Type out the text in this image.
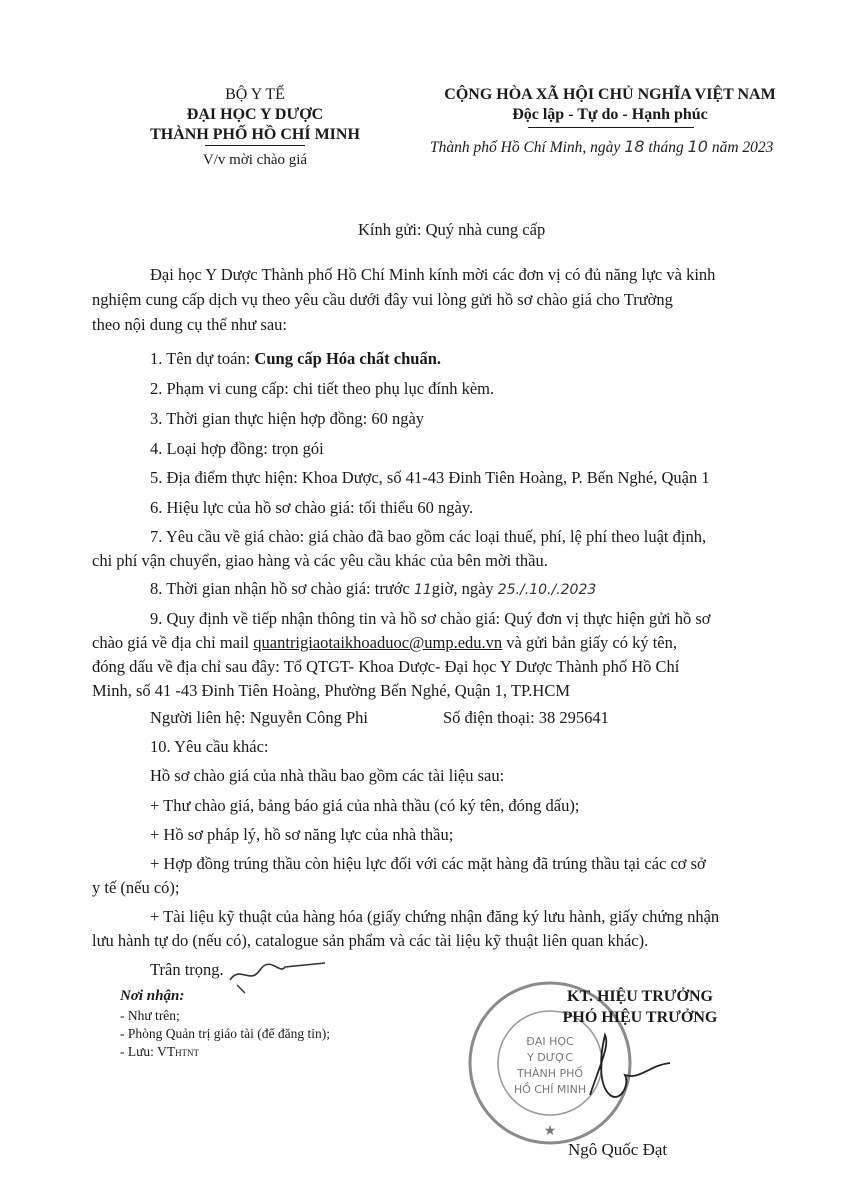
BỘ Y TẾ
ĐẠI HỌC Y DƯỢC
THÀNH PHỐ HỒ CHÍ MINH
V/v mời chào giá
CỘNG HÒA XÃ HỘI CHỦ NGHĨA VIỆT NAM
Độc lập - Tự do - Hạnh phúc
Thành phố Hồ Chí Minh, ngày 18 tháng 10 năm 2023
Kính gửi: Quý nhà cung cấp
Đại học Y Dược Thành phố Hồ Chí Minh kính mời các đơn vị có đủ năng lực và kinh
nghiệm cung cấp dịch vụ theo yêu cầu dưới đây vui lòng gửi hồ sơ chào giá cho Trường
theo nội dung cụ thể như sau:
1. Tên dự toán: Cung cấp Hóa chất chuẩn.
2. Phạm vi cung cấp: chi tiết theo phụ lục đính kèm.
3. Thời gian thực hiện hợp đồng: 60 ngày
4. Loại hợp đồng: trọn gói
5. Địa điểm thực hiện: Khoa Dược, số 41-43 Đinh Tiên Hoàng, P. Bến Nghé, Quận 1
6. Hiệu lực của hồ sơ chào giá: tối thiểu 60 ngày.
7. Yêu cầu về giá chào: giá chào đã bao gồm các loại thuế, phí, lệ phí theo luật định,
chi phí vận chuyển, giao hàng và các yêu cầu khác của bên mời thầu.
8. Thời gian nhận hồ sơ chào giá: trước 11giờ, ngày 25./.10./.2023
9. Quy định về tiếp nhận thông tin và hồ sơ chào giá: Quý đơn vị thực hiện gửi hồ sơ
chào giá về địa chỉ mail quantrigiaotaikhoaduoc@ump.edu.vn và gửi bản giấy có ký tên,
đóng dấu về địa chỉ sau đây: Tổ QTGT- Khoa Dược- Đại học Y Dược Thành phố Hồ Chí
Minh, số 41 -43 Đinh Tiên Hoàng, Phường Bến Nghé, Quận 1, TP.HCM
Người liên hệ: Nguyễn Công Phi	Số điện thoại: 38 295641
10. Yêu cầu khác:
Hồ sơ chào giá của nhà thầu bao gồm các tài liệu sau:
+ Thư chào giá, bảng báo giá của nhà thầu (có ký tên, đóng dấu);
+ Hồ sơ pháp lý, hồ sơ năng lực của nhà thầu;
+ Hợp đồng trúng thầu còn hiệu lực đối với các mặt hàng đã trúng thầu tại các cơ sở
y tế (nếu có);
+ Tài liệu kỹ thuật của hàng hóa (giấy chứng nhận đăng ký lưu hành, giấy chứng nhận
lưu hành tự do (nếu có), catalogue sản phẩm và các tài liệu kỹ thuật liên quan khác).
Trân trọng.
Nơi nhận:
- Như trên;
- Phòng Quản trị giáo tài (để đăng tin);
- Lưu: VTHTNT
ĐẠI HỌC
Y DƯỢC
THÀNH PHỐ
HỒ CHÍ MINH
★
KT. HIỆU TRƯỞNG
PHÓ HIỆU TRƯỞNG
Ngô Quốc Đạt
